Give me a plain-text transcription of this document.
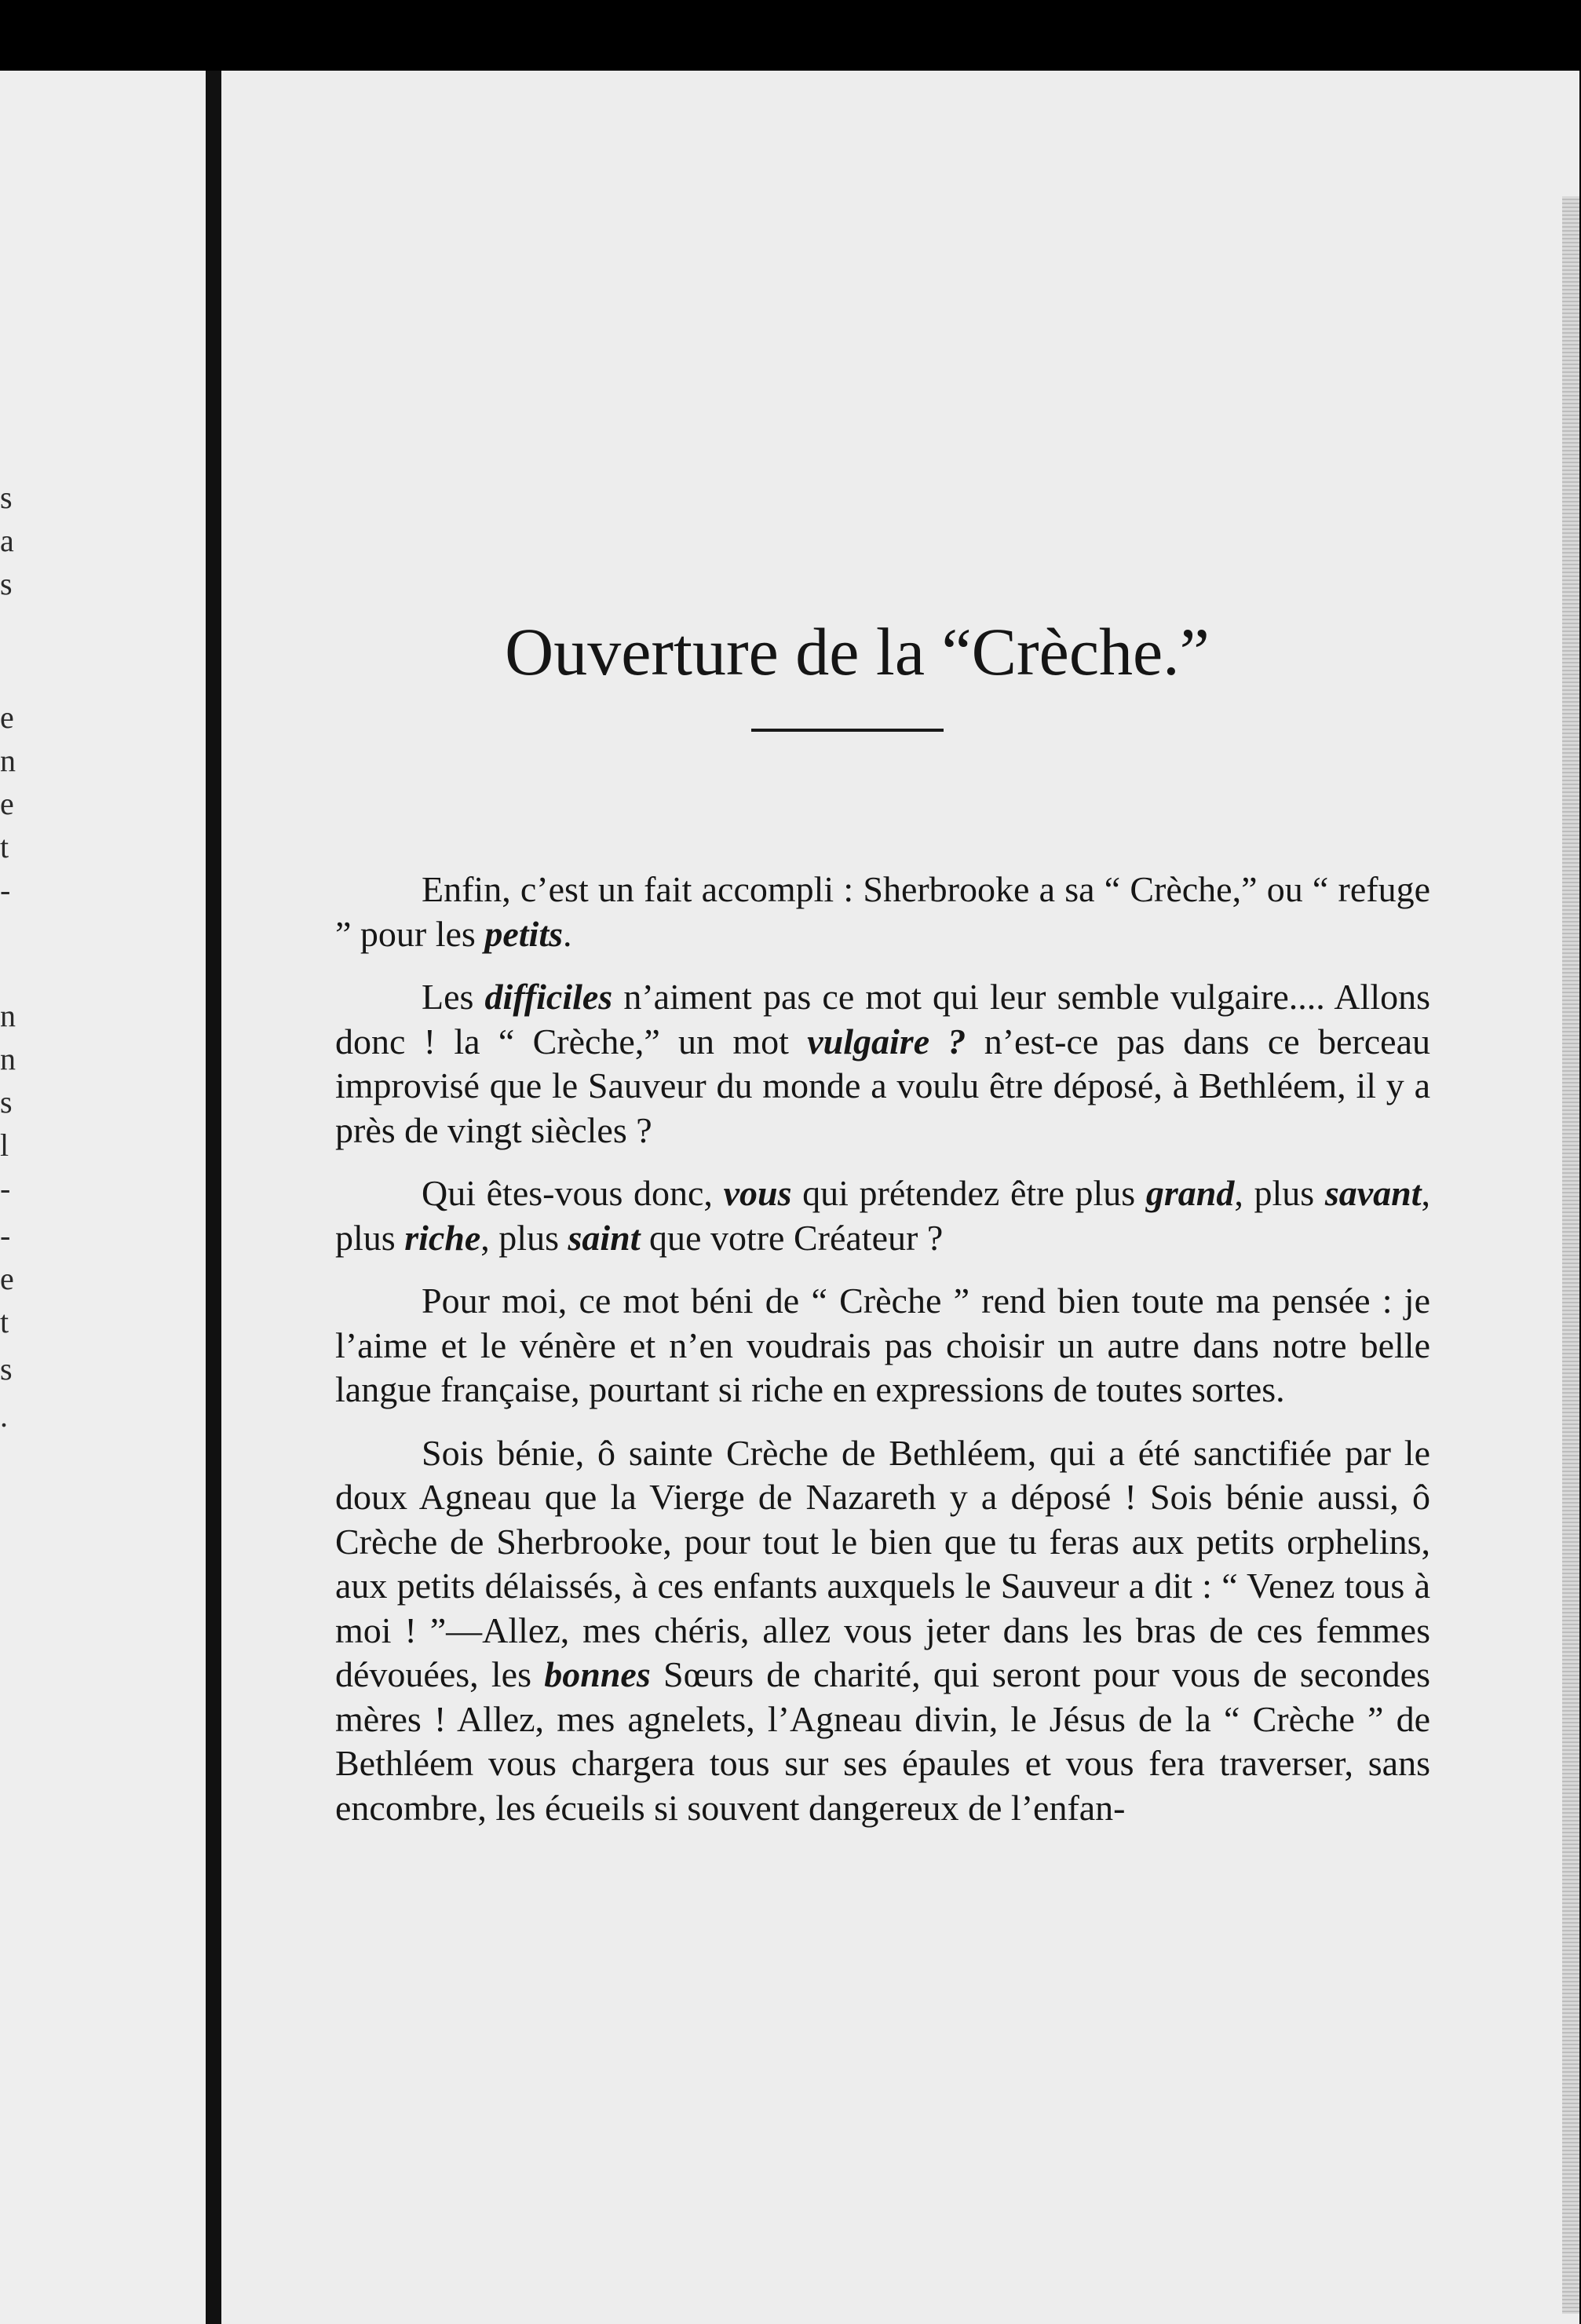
s
a
s
e
n
e
t
-
n
n
s
l
-
-
e
t
s
.
Ouverture de la “Crèche.”

Enfin, c’est un fait accompli : Sherbrooke a sa “ Crèche,” ou “ refuge ” pour les petits.

Les difficiles n’aiment pas ce mot qui leur semble vulgaire.... Allons donc ! la “ Crèche,” un mot vulgaire ? n’est-ce pas dans ce berceau improvisé que le Sauveur du monde a voulu être déposé, à Bethléem, il y a près de vingt siècles ?

Qui êtes-vous donc, vous qui prétendez être plus grand, plus savant, plus riche, plus saint que votre Créateur ?

Pour moi, ce mot béni de “ Crèche ” rend bien toute ma pensée : je l’aime et le vénère et n’en voudrais pas choisir un autre dans notre belle langue française, pourtant si riche en expressions de toutes sortes.

Sois bénie, ô sainte Crèche de Bethléem, qui a été sanctifiée par le doux Agneau que la Vierge de Nazareth y a déposé ! Sois bénie aussi, ô Crèche de Sherbrooke, pour tout le bien que tu feras aux petits orphelins, aux petits délaissés, à ces enfants auxquels le Sauveur a dit : “ Venez tous à moi ! ”—Allez, mes chéris, allez vous jeter dans les bras de ces femmes dévouées, les bonnes Sœurs de charité, qui seront pour vous de secondes mères ! Allez, mes agnelets, l’Agneau divin, le Jésus de la “ Crèche ” de Bethléem vous chargera tous sur ses épaules et vous fera traverser, sans encombre, les écueils si souvent dangereux de l’enfan-
